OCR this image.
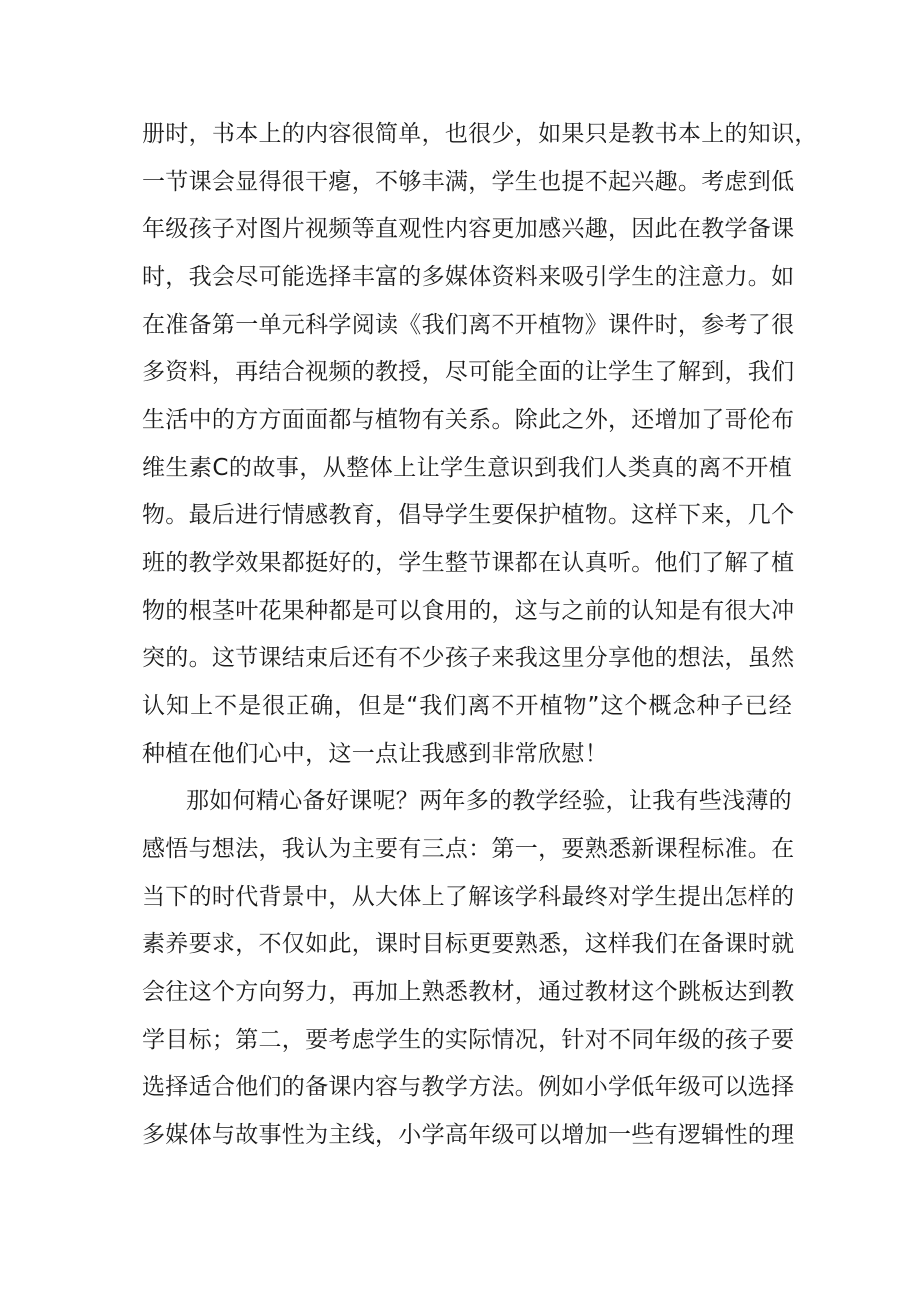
册时，书本上的内容很简单，也很少，如果只是教书本上的知识，
一节课会显得很干瘪，不够丰满，学生也提不起兴趣。考虑到低
年级孩子对图片视频等直观性内容更加感兴趣，因此在教学备课
时，我会尽可能选择丰富的多媒体资料来吸引学生的注意力。如
在准备第一单元科学阅读《我们离不开植物》课件时，参考了很
多资料，再结合视频的教授，尽可能全面的让学生了解到，我们
生活中的方方面面都与植物有关系。除此之外，还增加了哥伦布
维生素C的故事，从整体上让学生意识到我们人类真的离不开植
物。最后进行情感教育，倡导学生要保护植物。这样下来，几个
班的教学效果都挺好的，学生整节课都在认真听。他们了解了植
物的根茎叶花果种都是可以食用的，这与之前的认知是有很大冲
突的。这节课结束后还有不少孩子来我这里分享他的想法，虽然
认知上不是很正确，但是“我们离不开植物”这个概念种子已经
种植在他们心中，这一点让我感到非常欣慰！
那如何精心备好课呢？两年多的教学经验，让我有些浅薄的
感悟与想法，我认为主要有三点：第一，要熟悉新课程标准。在
当下的时代背景中，从大体上了解该学科最终对学生提出怎样的
素养要求，不仅如此，课时目标更要熟悉，这样我们在备课时就
会往这个方向努力，再加上熟悉教材，通过教材这个跳板达到教
学目标；第二，要考虑学生的实际情况，针对不同年级的孩子要
选择适合他们的备课内容与教学方法。例如小学低年级可以选择
多媒体与故事性为主线，小学高年级可以增加一些有逻辑性的理
